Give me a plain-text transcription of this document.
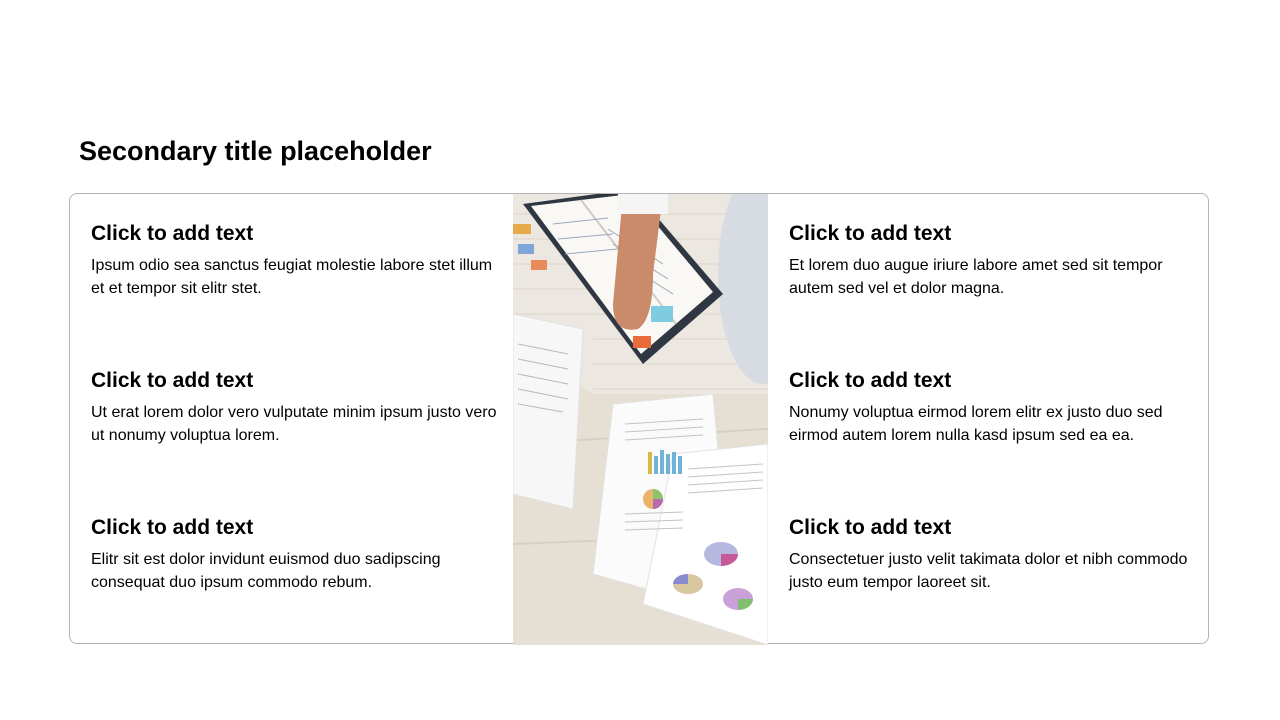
Secondary title placeholder
Click to add text

Ipsum odio sea sanctus feugiat molestie labore stet illum et et tempor sit elitr stet.

Click to add text

Ut erat lorem dolor vero vulputate minim ipsum justo vero ut nonumy voluptua lorem.

Click to add text

Elitr sit est dolor invidunt euismod duo sadipscing consequat duo ipsum commodo rebum.

Click to add text

Et lorem duo augue iriure labore amet sed sit tempor autem sed vel et dolor magna.

Click to add text

Nonumy voluptua eirmod lorem elitr ex justo duo sed eirmod autem lorem nulla kasd ipsum sed ea ea.

Click to add text

Consectetuer justo velit takimata dolor et nibh commodo justo eum tempor laoreet sit.
